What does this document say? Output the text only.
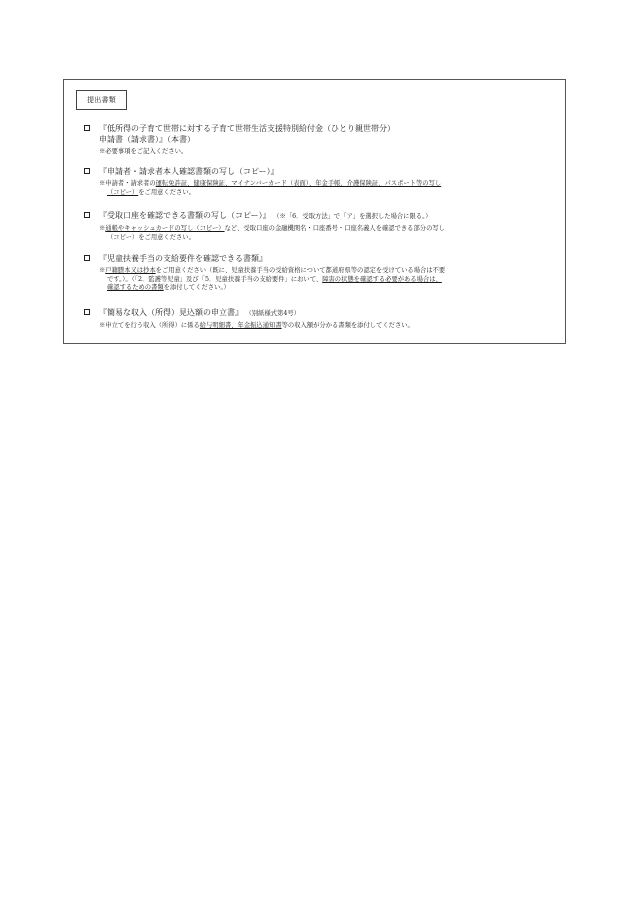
提出書類
『低所得の子育て世帯に対する子育て世帯生活支援特別給付金（ひとり親世帯分）
申請書（請求書）』（本書）
※必要事項をご記入ください。
『申請者・請求者本人確認書類の写し（コピー）』
※申請者・請求者の運転免許証、健康保険証、マイナンバーカード（表面）、年金手帳、介護保険証、パスポート等の写し
（コピー）をご用意ください。
『受取口座を確認できる書類の写し（コピー）』 （※「6．受取方法」で「ア」を選択した場合に限る。）
※通帳やキャッシュカードの写し（コピー）など、受取口座の金融機関名・口座番号・口座名義人を確認できる部分の写し
（コピー）をご用意ください。
『児童扶養手当の支給要件を確認できる書類』
※戸籍謄本又は抄本をご用意ください（既に、児童扶養手当の受給資格について都道府県等の認定を受けている場合は不要
です。）。（「2．監護等児童」及び「5．児童扶養手当の支給要件」において、障害の状態を確認する必要がある場合は、
確認するための書類を添付してください。）
『簡易な収入（所得）見込額の申立書』 （別紙様式第4号）
※申立てを行う収入（所得）に係る給与明細書、年金振込通知書等の収入額が分かる書類を添付してください。
